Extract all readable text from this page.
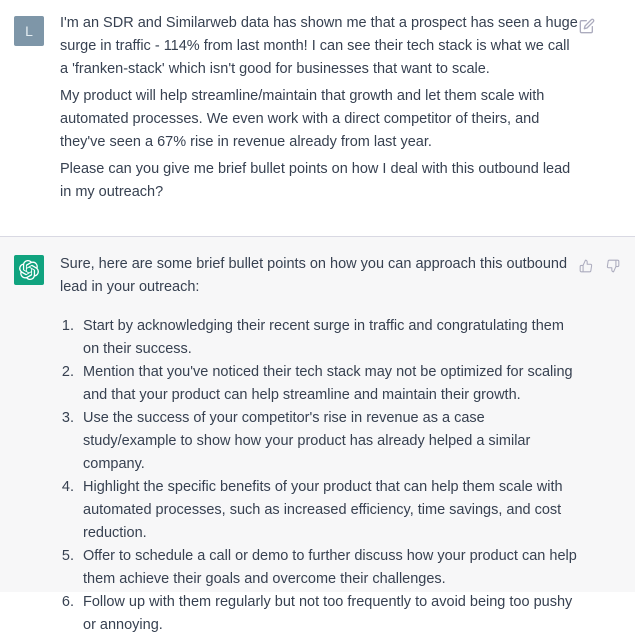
L	I'm an SDR and Similarweb data has shown me that a prospect has seen a huge surge in traffic - 114% from last month! I can see their tech stack is what we call a 'franken-stack' which isn't good for businesses that want to scale.

My product will help streamline/maintain that growth and let them scale with automated processes. We even work with a direct competitor of theirs, and they've seen a 67% rise in revenue already from last year.

Please can you give me brief bullet points on how I deal with this outbound lead in my outreach?

Sure, here are some brief bullet points on how you can approach this outbound lead in your outreach:

1. Start by acknowledging their recent surge in traffic and congratulating them on their success.
2. Mention that you've noticed their tech stack may not be optimized for scaling and that your product can help streamline and maintain their growth.
3. Use the success of your competitor's rise in revenue as a case study/example to show how your product has already helped a similar company.
4. Highlight the specific benefits of your product that can help them scale with automated processes, such as increased efficiency, time savings, and cost reduction.
5. Offer to schedule a call or demo to further discuss how your product can help them achieve their goals and overcome their challenges.
6. Follow up with them regularly but not too frequently to avoid being too pushy or annoying.
